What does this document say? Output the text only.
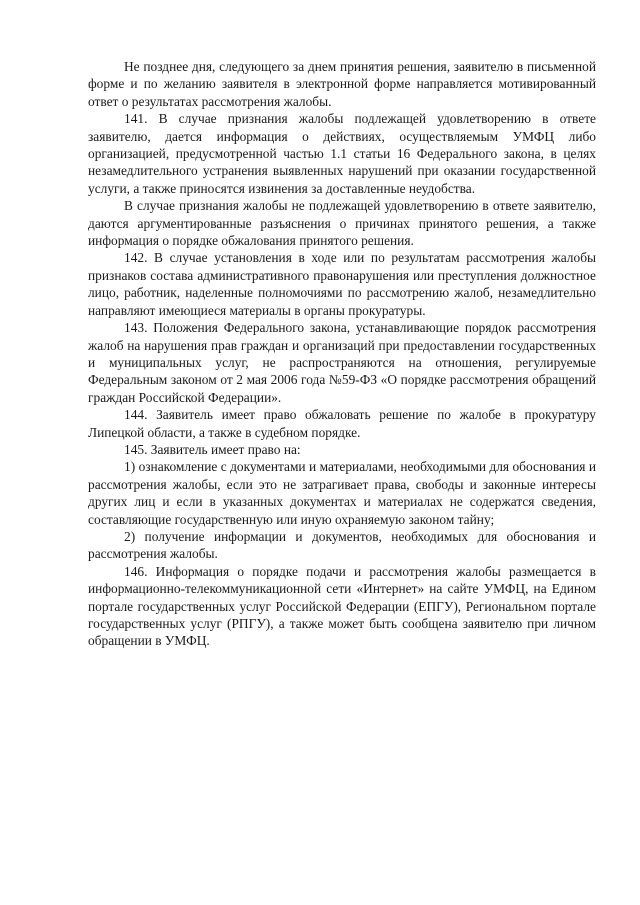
Не позднее дня, следующего за днем принятия решения, заявителю в письменной форме и по желанию заявителя в электронной форме направляется мотивированный ответ о результатах рассмотрения жалобы.

141. В случае признания жалобы подлежащей удовлетворению в ответе заявителю, дается информация о действиях, осуществляемым УМФЦ либо организацией, предусмотренной частью 1.1 статьи 16 Федерального закона, в целях незамедлительного устранения выявленных нарушений при оказании государственной услуги, а также приносятся извинения за доставленные неудобства.

В случае признания жалобы не подлежащей удовлетворению в ответе заявителю, даются аргументированные разъяснения о причинах принятого решения, а также информация о порядке обжалования принятого решения.

142. В случае установления в ходе или по результатам рассмотрения жалобы признаков состава административного правонарушения или преступления должностное лицо, работник, наделенные полномочиями по рассмотрению жалоб, незамедлительно направляют имеющиеся материалы в органы прокуратуры.

143. Положения Федерального закона, устанавливающие порядок рассмотрения жалоб на нарушения прав граждан и организаций при предоставлении государственных и муниципальных услуг, не распространяются на отношения, регулируемые Федеральным законом от 2 мая 2006 года №59-ФЗ «О порядке рассмотрения обращений граждан Российской Федерации».

144. Заявитель имеет право обжаловать решение по жалобе в прокуратуру Липецкой области, а также в судебном порядке.

145. Заявитель имеет право на:

1) ознакомление с документами и материалами, необходимыми для обоснования и рассмотрения жалобы, если это не затрагивает права, свободы и законные интересы других лиц и если в указанных документах и материалах не содержатся сведения, составляющие государственную или иную охраняемую законом тайну;

2) получение информации и документов, необходимых для обоснования и рассмотрения жалобы.

146. Информация о порядке подачи и рассмотрения жалобы размещается в информационно-телекоммуникационной сети «Интернет» на сайте УМФЦ, на Едином портале государственных услуг Российской Федерации (ЕПГУ), Региональном портале государственных услуг (РПГУ), а также может быть сообщена заявителю при личном обращении в УМФЦ.
